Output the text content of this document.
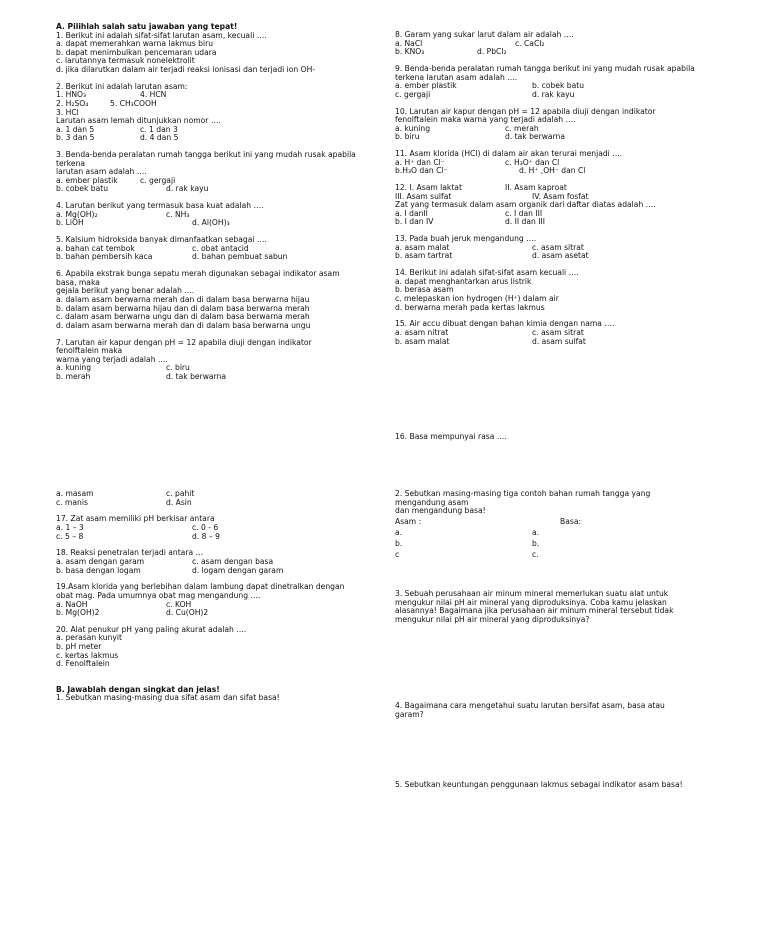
A. Pilihlah salah satu jawaban yang tepat!
1. Berikut ini adalah sifat-sifat larutan asam, kecuali ….
a. dapat memerahkan warna lakmus biru
b. dapat menimbulkan pencemaran udara
c. larutannya termasuk nonelektrolit
d. jika dilarutkan dalam air terjadi reaksi ionisasi dan terjadi ion OH-
2. Berikut ini adalah larutan asam:
1. HNO₃	4. HCN
2. H₂SO₄	5. CH₃COOH
3. HCl
Larutan asam lemah ditunjukkan nomor ….
a. 1 dan 5	c. 1 dan 3
b. 3 dan 5	d. 4 dan 5
3. Benda-benda peralatan rumah tangga berikut ini yang mudah rusak apabila terkena
larutan asam adalah ….
a. ember plastik	c. gergaji
b. cobek batu	d. rak kayu
4. Larutan berikut yang termasuk basa kuat adalah ….
a. Mg(OH)₂	c. NH₃
b. LiOH	d. Al(OH)₃
5. Kalsium hidroksida banyak dimanfaatkan sebagai ….
a. bahan cat tembok	c. obat antacid
b. bahan pembersih kaca	d. bahan pembuat sabun
6. Apabila ekstrak bunga sepatu merah digunakan sebagai indikator asam basa, maka
gejala berikut yang benar adalah ….
a. dalam asam berwarna merah dan di dalam basa berwarna hijau
b. dalam asam berwarna hijau dan di dalam basa berwarna merah
c. dalam asam berwarna ungu dan di dalam basa berwarna merah
d. dalam asam berwarna merah dan di dalam basa berwarna ungu
7. Larutan air kapur dengan pH = 12 apabila diuji dengan indikator fenolftalein maka
warna yang terjadi adalah ….
a. kuning	c. biru
b. merah	d. tak berwarna
a. masam	c. pahit
c. manis	d. Asin
17. Zat asam memiliki pH berkisar antara
a. 1 – 3	c. 0 - 6
c. 5 – 8	d. 8 – 9
18. Reaksi penetralan terjadi antara …
a. asam dengan garam	c. asam dengan basa
b. basa dengan logam	d. logam dengan garam
19.Asam klorida yang berlebihan dalam lambung dapat dinetralkan dengan obat mag. Pada umumnya obat mag mengandung ….
a. NaOH	c. KOH
b. Mg(OH)2	d. Cu(OH)2
20. Alat penukur pH yang paling akurat adalah ….
a. perasan kunyit
b. pH meter
c. kertas lakmus
d. Fenolftalein
B. Jawablah dengan singkat dan jelas!
1. Sebutkan masing-masing dua sifat asam dan sifat basa!
8. Garam yang sukar larut dalam air adalah ….
a. NaCl	c. CaCl₂
b. KNO₃	d. PbCl₂
9. Benda-benda peralatan rumah tangga berikut ini yang mudah rusak apabila terkena larutan asam adalah ….
a. ember plastik	b. cobek batu
c. gergaji	d. rak kayu
10. Larutan air kapur dengan pH = 12 apabila diuji dengan indikator fenolftalein maka warna yang terjadi adalah ….
a. kuning	c. merah
b. biru	d. tak berwarna
11. Asam klorida (HCl) di dalam air akan terurai menjadi ….
a. H⁺ dan Cl⁻	c. H₃O⁺ dan Cl
b.H₃O dan Cl⁻	d. H⁺ ,OH⁻ dan Cl
12. I. Asam laktat	II. Asam kaproat
III. Asam sulfat	IV. Asam fosfat
Zat yang termasuk dalam asam organik dari daftar diatas adalah ….
a. I danII	c. I dan III
b. I dan IV	d. II dan III
13. Pada buah jeruk mengandung ….
a. asam malat	c. asam sitrat
b. asam tartrat	d. asam asetat
14. Berikut ini adalah sifat-sifat asam kecuali ….
a. dapat menghantarkan arus listrik
b. berasa asam
c. melepaskan ion hydrogen (H⁺) dalam air
d. berwarna merah pada kertas lakmus
15. Air accu dibuat dengan bahan kimia dengan nama ….
a. asam nitrat	c. asam sitrat
b. asam malat	d. asam sulfat
16. Basa mempunyai rasa ….
2. Sebutkan masing-masing tiga contoh bahan rumah tangga yang mengandung asam
dan mengandung basa!
Asam :	Basa:
a.	a.
b.	b.
c	c.
3. Sebuah perusahaan air minum mineral memerlukan suatu alat untuk mengukur nilai pH air mineral yang diproduksinya. Coba kamu jelaskan alasannya! Bagaimana jika perusahaan air minum mineral tersebut tidak mengukur nilai pH air mineral yang diproduksinya?
4. Bagaimana cara mengetahui suatu larutan bersifat asam, basa atau garam?
5. Sebutkan keuntungan penggunaan lakmus sebagai indikator asam basa!
